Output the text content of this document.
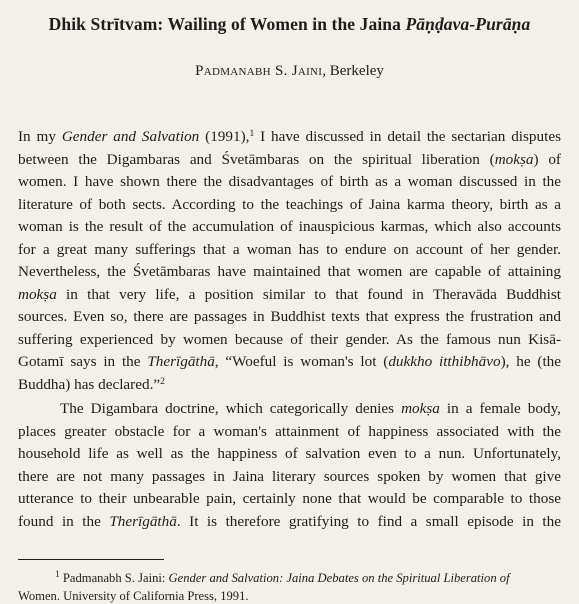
Dhik Strītvam: Wailing of Women in the Jaina Pāṇḍava-Purāṇa
Padmanabh S. Jaini, Berkeley
In my Gender and Salvation (1991),$^1$ I have discussed in detail the sectarian disputes
between the Digambaras and Śvetāmbaras on the spiritual liberation (mokṣa) of
women. I have shown there the disadvantages of birth as a woman discussed in the
literature of both sects. According to the teachings of Jaina karma theory, birth as a
woman is the result of the accumulation of inauspicious karmas, which also accounts
for a great many sufferings that a woman has to endure on account of her gender.
Nevertheless, the Śvetāmbaras have maintained that women are capable of attaining
mokṣa in that very life, a position similar to that found in Theravāda Buddhist
sources. Even so, there are passages in Buddhist texts that express the frustration and
suffering experienced by women because of their gender. As the famous nun Kisā-
Gotamī says in the Therīgāthā, “Woeful is woman's lot (dukkho itthibhāvo), he (the
Buddha) has declared.”$^2$
The Digambara doctrine, which categorically denies mokṣa in a female body,
places greater obstacle for a woman's attainment of happiness associated with the
household life as well as the happiness of salvation even to a nun. Unfortunately,
there are not many passages in Jaina literary sources spoken by women that give
utterance to their unbearable pain, certainly none that would be comparable to those
found in the Therīgāthā. It is therefore gratifying to find a small episode in the
$^1$ Padmanabh S. Jaini: Gender and Salvation: Jaina Debates on the Spiritual Liberation of
Women. University of California Press, 1991.
